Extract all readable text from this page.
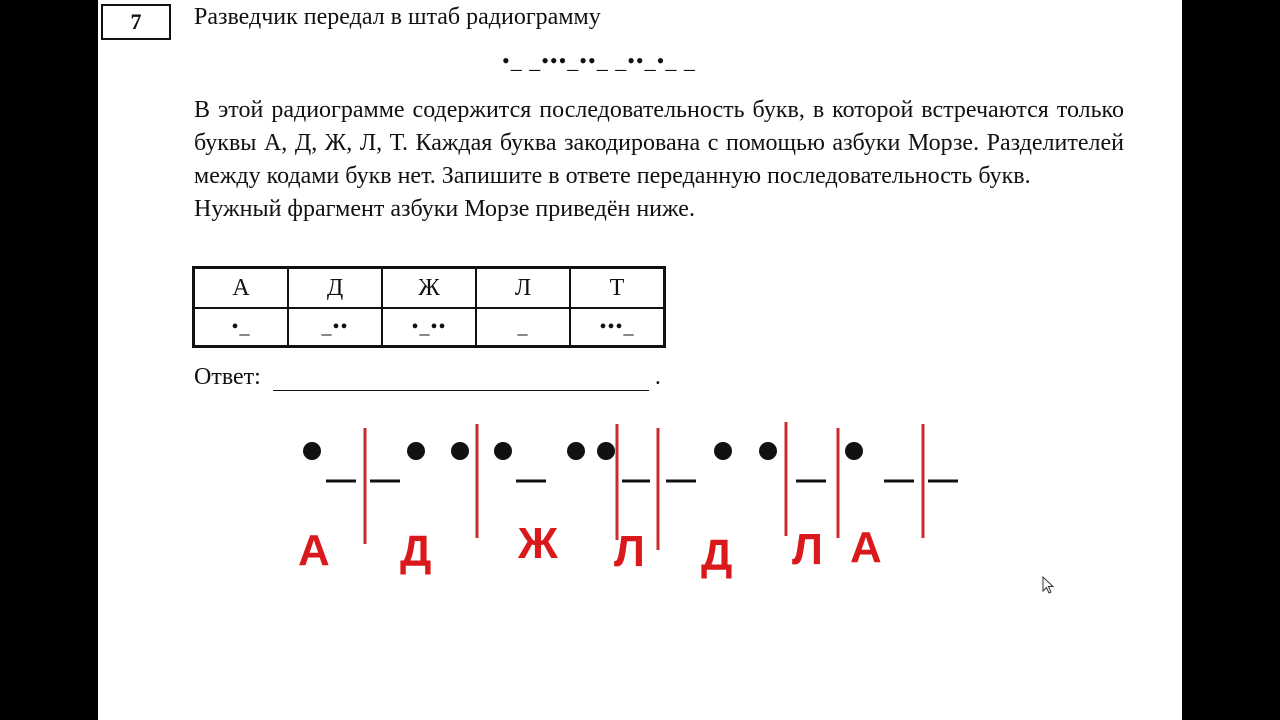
7	Разведчик передал в штаб радиограмму
•_ _•••_••_ _••_•_ _

В этой радиограмме содержится последовательность букв, в которой встречаются только буквы А, Д, Ж, Л, Т. Каждая буква закодирована с помощью азбуки Морзе. Разделителей между кодами букв нет. Запишите в ответе переданную последовательность букв.

Нужный фрагмент азбуки Морзе приведён ниже.

А	Д	Ж	Л	Т
•_	_••	•_••	_	•••_
Ответ:	.
А Д Ж Л Д Л А
